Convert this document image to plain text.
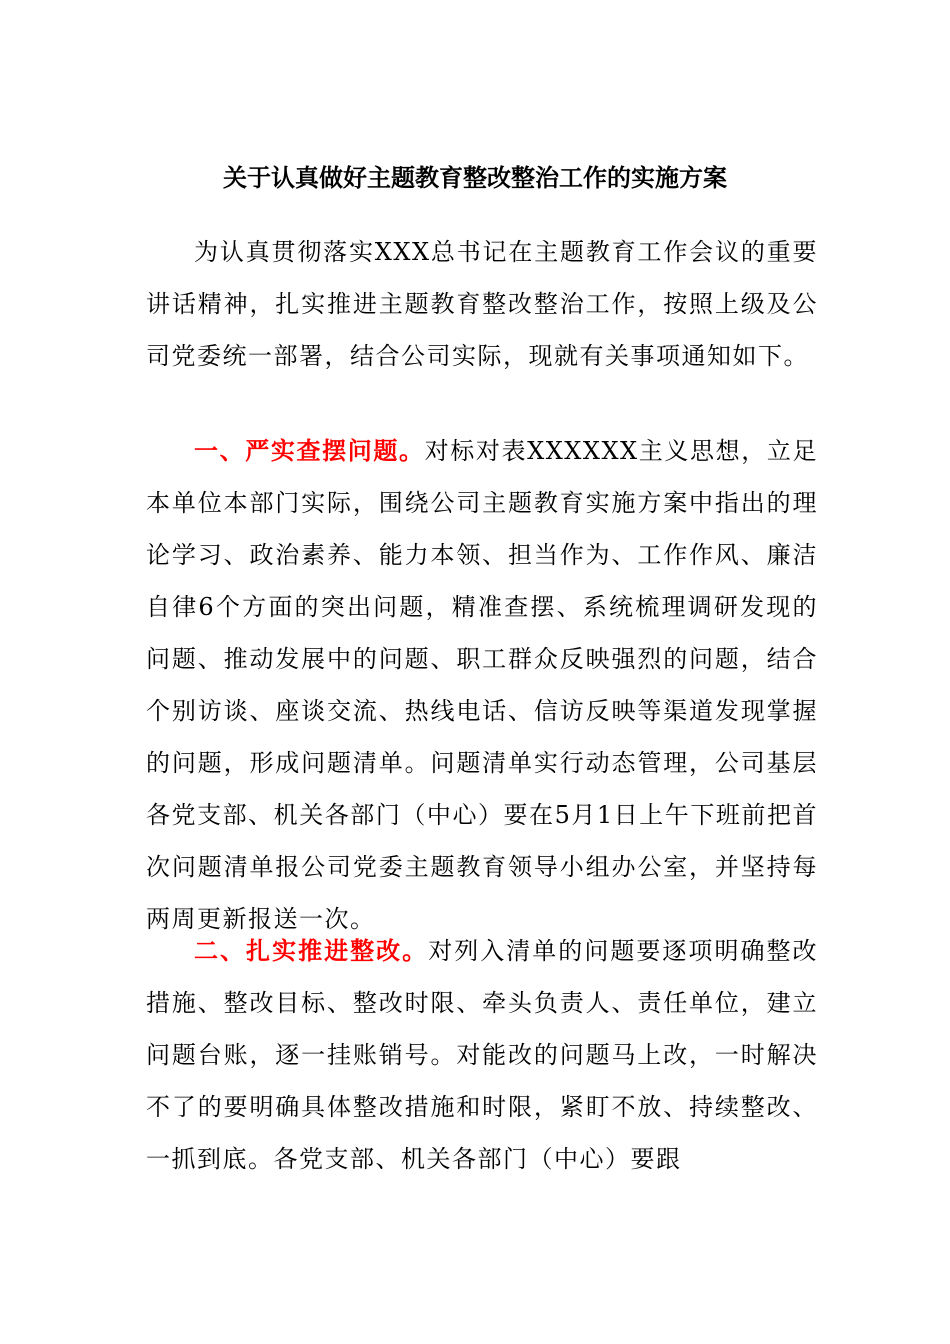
关于认真做好主题教育整改整治工作的实施方案

为认真贯彻落实XXX总书记在主题教育工作会议的重要讲话精神，扎实推进主题教育整改整治工作，按照上级及公司党委统一部署，结合公司实际，现就有关事项通知如下。

一、严实查摆问题。对标对表XXXXXX主义思想，立足本单位本部门实际，围绕公司主题教育实施方案中指出的理论学习、政治素养、能力本领、担当作为、工作作风、廉洁自律6个方面的突出问题，精准查摆、系统梳理调研发现的问题、推动发展中的问题、职工群众反映强烈的问题，结合个别访谈、座谈交流、热线电话、信访反映等渠道发现掌握的问题，形成问题清单。问题清单实行动态管理，公司基层各党支部、机关各部门（中心）要在5月1日上午下班前把首次问题清单报公司党委主题教育领导小组办公室，并坚持每两周更新报送一次。

二、扎实推进整改。对列入清单的问题要逐项明确整改措施、整改目标、整改时限、牵头负责人、责任单位，建立问题台账，逐一挂账销号。对能改的问题马上改，一时解决不了的要明确具体整改措施和时限，紧盯不放、持续整改、一抓到底。各党支部、机关各部门（中心）要跟
